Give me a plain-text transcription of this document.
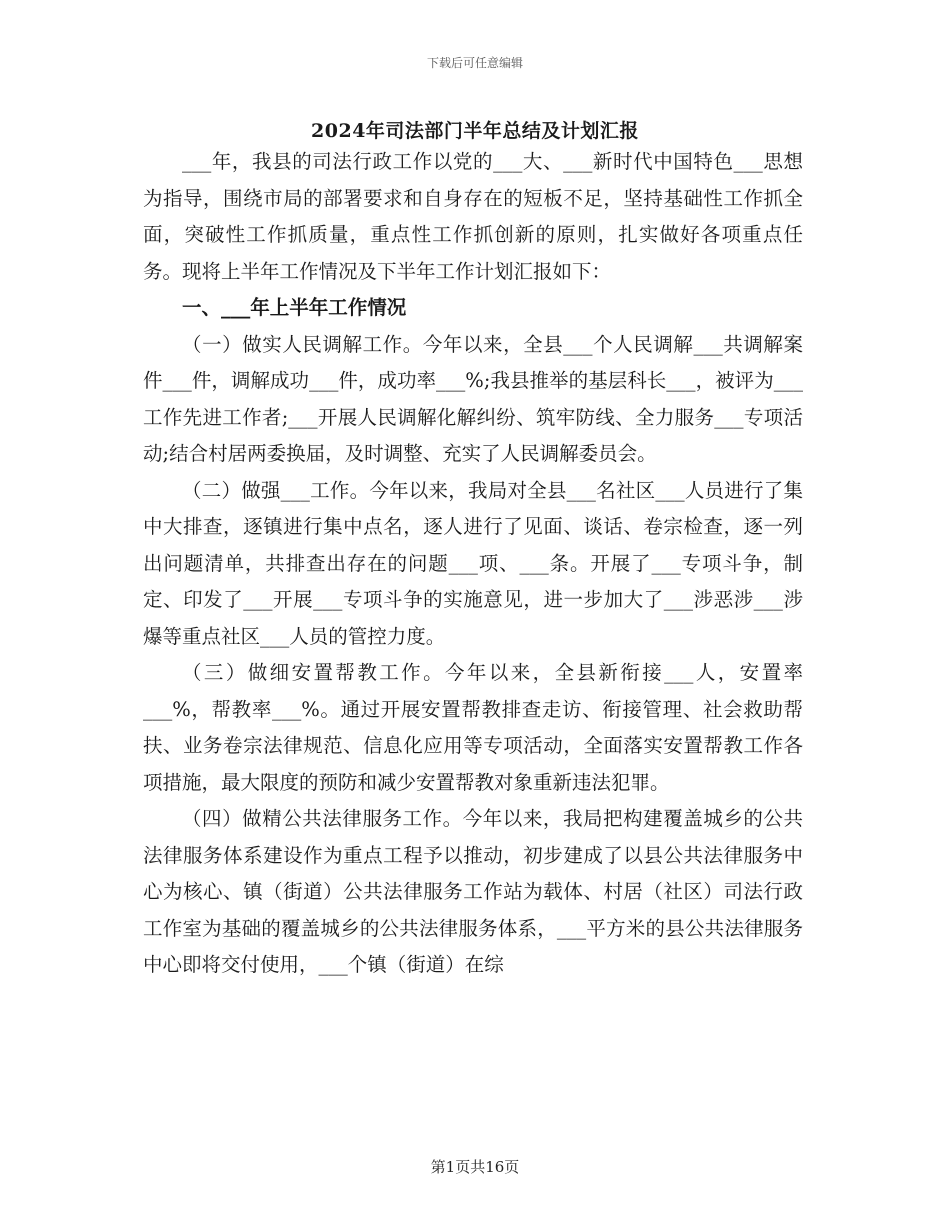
下载后可任意编辑
2024年司法部门半年总结及计划汇报

___年，我县的司法行政工作以党的___大、___新时代中国特色___思想为指导，围绕市局的部署要求和自身存在的短板不足，坚持基础性工作抓全面，突破性工作抓质量，重点性工作抓创新的原则，扎实做好各项重点任务。现将上半年工作情况及下半年工作计划汇报如下：

一、___年上半年工作情况

（一）做实人民调解工作。今年以来，全县___个人民调解___共调解案件___件，调解成功___件，成功率___%;我县推举的基层科长___，被评为___工作先进工作者;___开展人民调解化解纠纷、筑牢防线、全力服务___专项活动;结合村居两委换届，及时调整、充实了人民调解委员会。

（二）做强___工作。今年以来，我局对全县___名社区___人员进行了集中大排查，逐镇进行集中点名，逐人进行了见面、谈话、卷宗检查，逐一列出问题清单，共排查出存在的问题___项、___条。开展了___专项斗争，制定、印发了___开展___专项斗争的实施意见，进一步加大了___涉恶涉___涉爆等重点社区___人员的管控力度。

（三）做细安置帮教工作。今年以来，全县新衔接___人，安置率___%，帮教率___%。通过开展安置帮教排查走访、衔接管理、社会救助帮扶、业务卷宗法律规范、信息化应用等专项活动，全面落实安置帮教工作各项措施，最大限度的预防和减少安置帮教对象重新违法犯罪。

（四）做精公共法律服务工作。今年以来，我局把构建覆盖城乡的公共法律服务体系建设作为重点工程予以推动，初步建成了以县公共法律服务中心为核心、镇（街道）公共法律服务工作站为载体、村居（社区）司法行政工作室为基础的覆盖城乡的公共法律服务体系，___平方米的县公共法律服务中心即将交付使用，___个镇（街道）在综

第1页共16页
